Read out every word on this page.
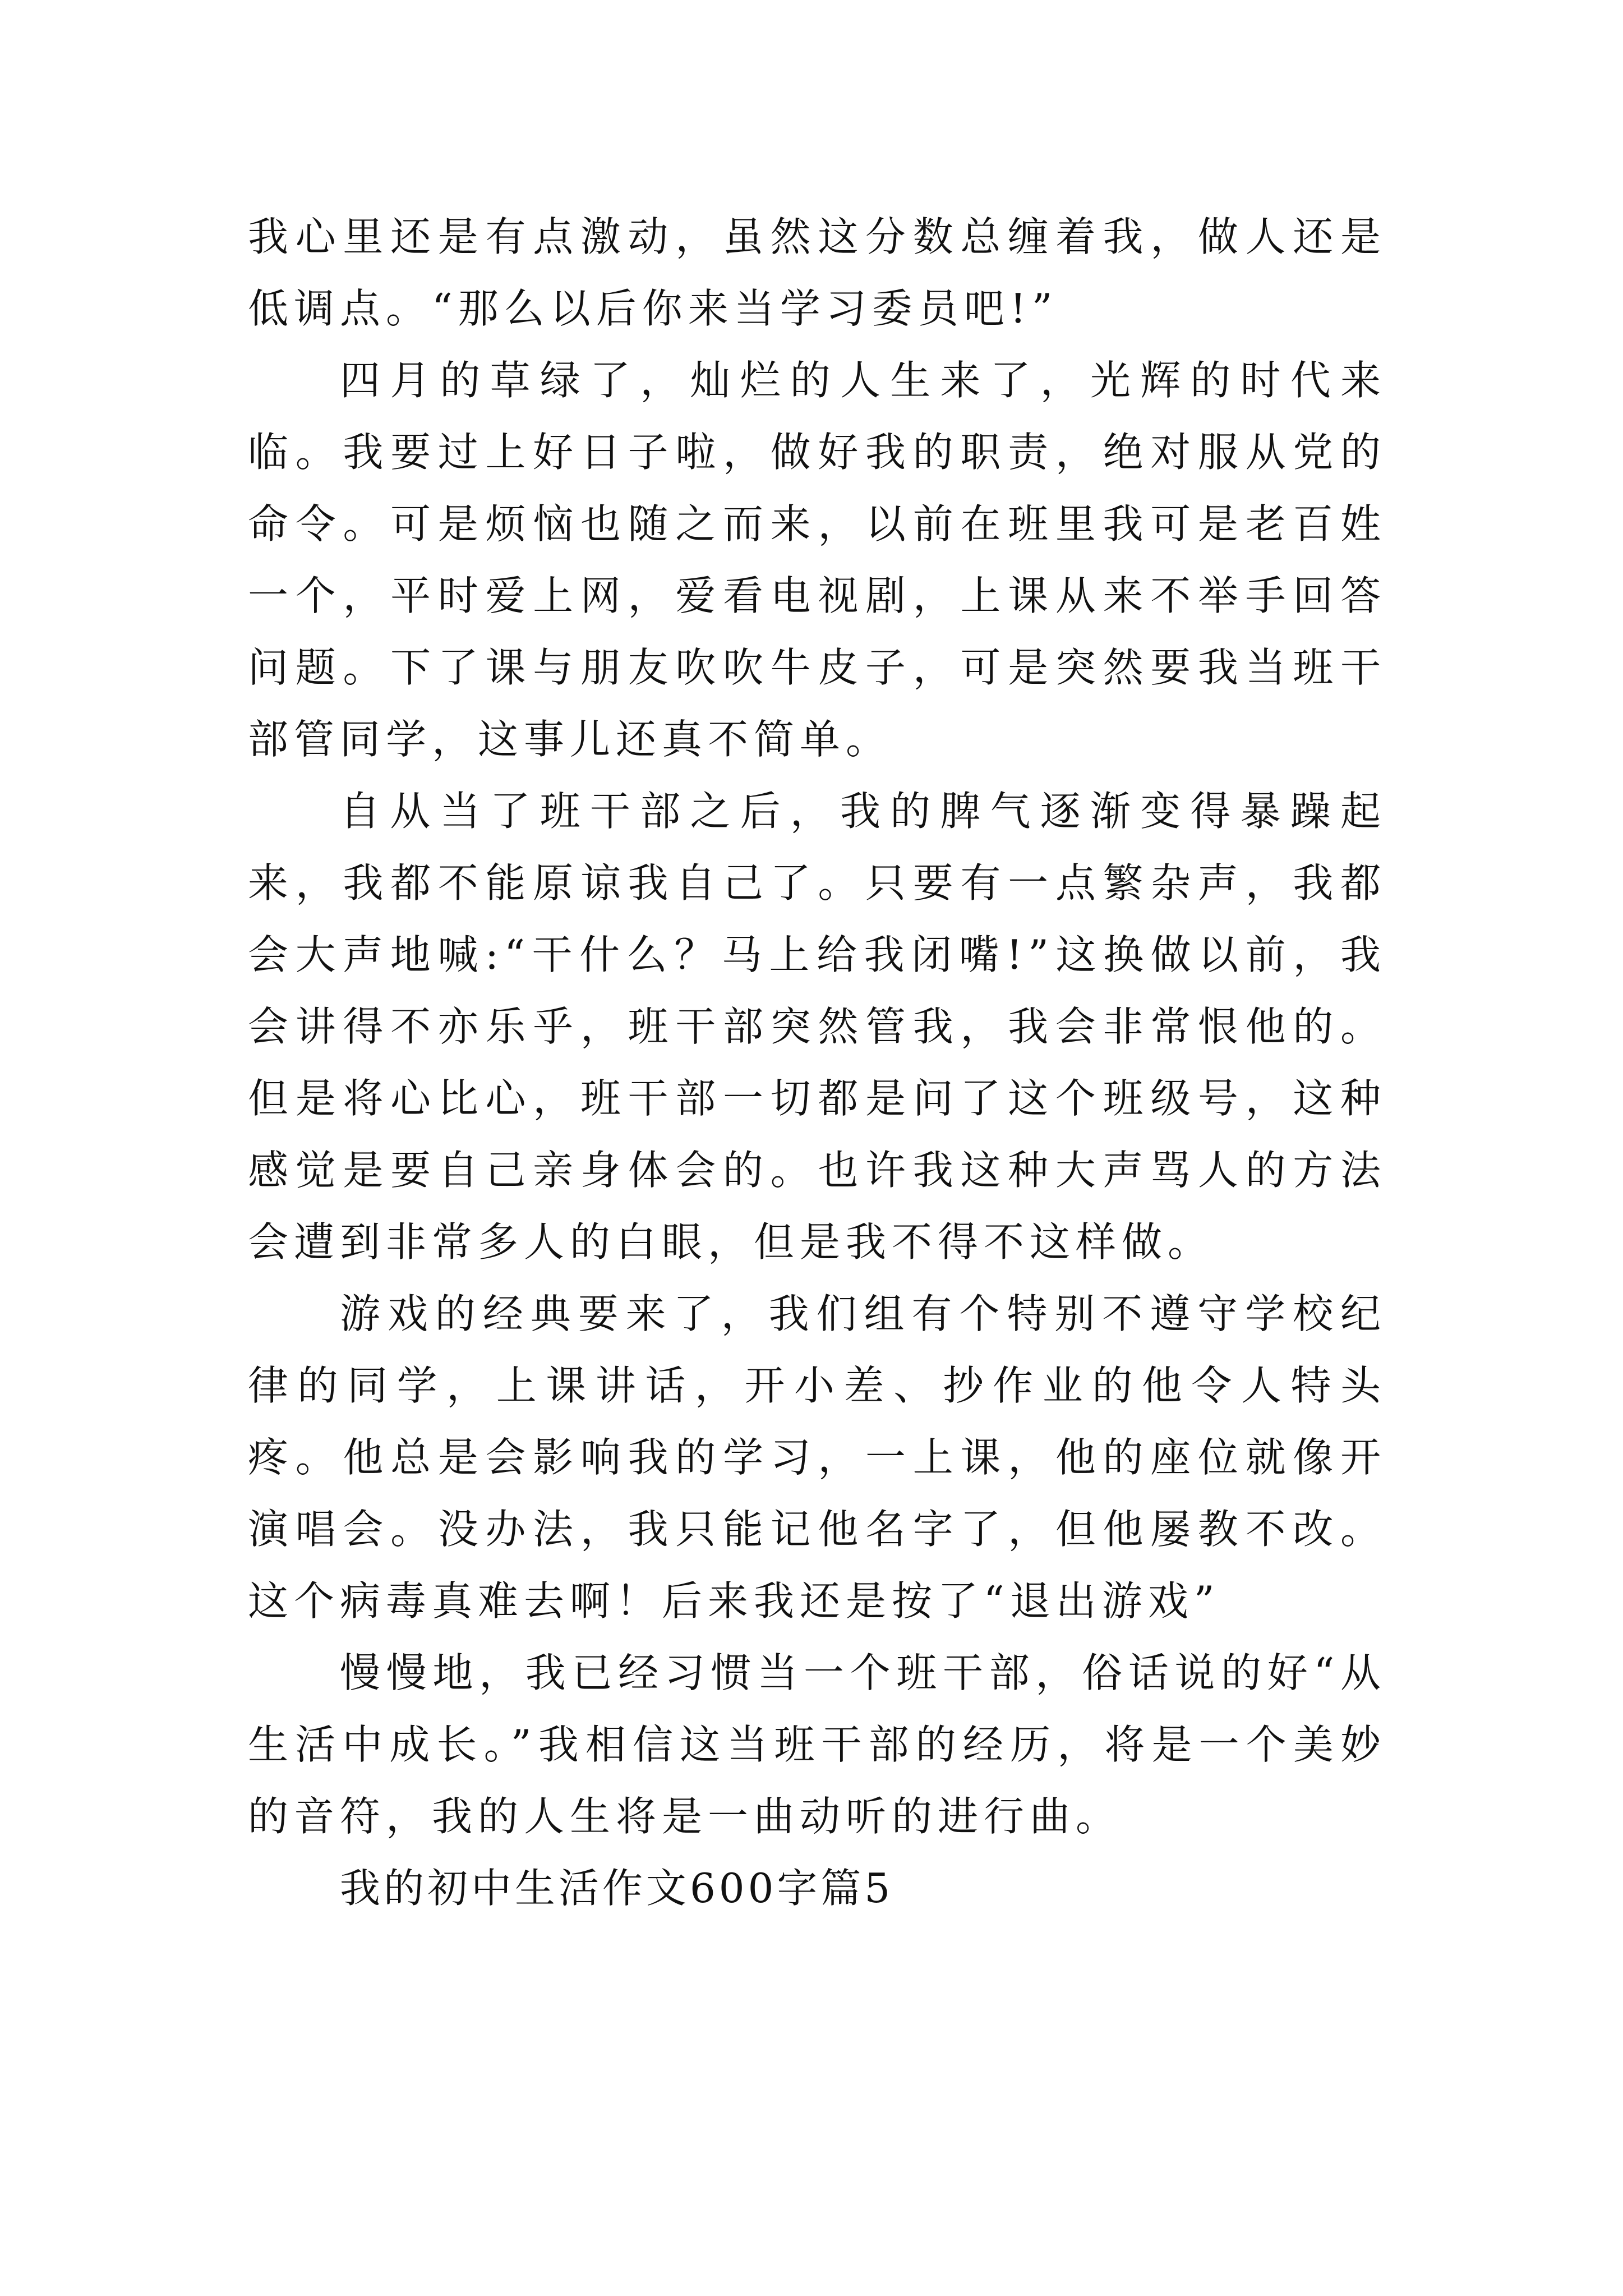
我心里还是有点激动，虽然这分数总缠着我，做人还是低调点。“那么以后你来当学习委员吧!”

四月的草绿了，灿烂的人生来了，光辉的时代来临。我要过上好日子啦，做好我的职责，绝对服从党的命令。可是烦恼也随之而来，以前在班里我可是老百姓一个，平时爱上网，爱看电视剧，上课从来不举手回答问题。下了课与朋友吹吹牛皮子，可是突然要我当班干部管同学，这事儿还真不简单。

自从当了班干部之后，我的脾气逐渐变得暴躁起来，我都不能原谅我自己了。只要有一点繁杂声，我都会大声地喊:“干什么？马上给我闭嘴!”这换做以前，我会讲得不亦乐乎，班干部突然管我，我会非常恨他的。但是将心比心，班干部一切都是问了这个班级号，这种感觉是要自己亲身体会的。也许我这种大声骂人的方法会遭到非常多人的白眼，但是我不得不这样做。

游戏的经典要来了，我们组有个特别不遵守学校纪律的同学，上课讲话，开小差、抄作业的他令人特头疼。他总是会影响我的学习，一上课，他的座位就像开演唱会。没办法，我只能记他名字了，但他屡教不改。这个病毒真难去啊！后来我还是按了“退出游戏”

慢慢地，我已经习惯当一个班干部，俗话说的好“从生活中成长。”我相信这当班干部的经历，将是一个美妙的音符，我的人生将是一曲动听的进行曲。

我的初中生活作文600字篇5
